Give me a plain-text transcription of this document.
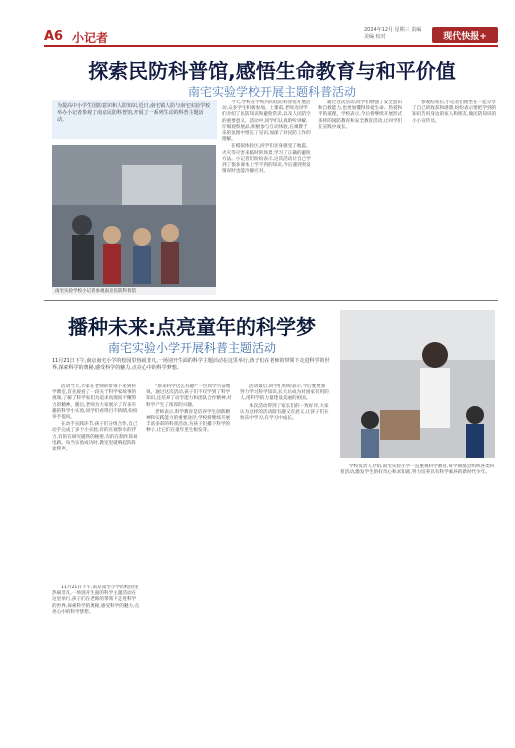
A6 小记者
2024年12月 星期三 责编 美编 校对	现代快报+
探索民防科普馆,感悟生命教育与和平价值
南宅实验学校开展主题科普活动
为提高中小学生国防意识和人防知识,近日,南宅镇人防与南宅实验学校举办小记者参观了南京民防科普馆,开展了一系列生动的科普主题活动。
南宅实验学校小记者参观南京民防科普馆

今天,学校在学校内的民防科普馆开展活动,众多学生积极参加。上课前,老师为同学们介绍了民防知识和避险常识,以及人民防空的重要意义。活动中,同学们认真聆听讲解,仔细观察展品,积极参与互动体验,在寓教于乐的氛围中增长了见识,加深了对民防工作的理解。

在模拟体验区,同学们亲身感受了地震、火灾等灾害来临时的场景,学习了正确的避险方法。小记者们纷纷表示,这次活动让自己学到了很多课本上学不到的知识,今后遇到突发情况时也能冷静应对。

通过这次活动,同学们增强了安全意识和自救能力,也更加懂得珍爱生命、热爱和平的道理。学校表示,今后将继续开展形式多样的国防教育和安全教育活动,让同学们在实践中成长。

参观结束后,小记者们围坐在一起分享了自己的收获和感想,纷纷表示要把学到的知识告诉身边的家人和朋友,做民防知识的小小宣传员。

播种未来:点亮童年的科学梦
南宅实验小学开展科普主题活动
11月21日下午,南京南宅小学的校园里热闹非凡,一场别开生面的科学主题活动在这里举行,孩子们在老师的带领下走进科学的世界,探索科学的奥秘,感受科学的魅力,点亮心中的科学梦想。

活动当天,大家在老师的带领下来到科学教室,首先观看了一段关于科学家故事的视频,了解了科学家们为追求真理而不懈努力的精神。随后,老师为大家展示了许多有趣的科学小实验,同学们看得目不转睛,纷纷举手提问。

在动手实践环节,孩子们分组合作,自己动手完成了多个小实验,有的在观察水的浮力,有的在研究磁铁的秘密,有的在制作简易电路。每当实验成功时,教室里就响起阵阵欢呼声。

“原来科学这么有趣!”一位同学兴奋地说。通过这次活动,孩子们不仅学到了科学知识,还培养了动手能力和团队合作精神,对科学产生了浓厚的兴趣。

老师表示,科学教育是培养学生创新精神和实践能力的重要途径,学校将继续开展丰富多彩的科普活动,为孩子们播下科学的种子,让它们在童年里生根发芽。

活动最后,同学们纷纷表示,今后要更加努力学习科学知识,长大后成为对国家有用的人,用科学的力量建设美丽的祖国。

本次活动得到了家长们的一致好评,大家认为这样的活动既有趣又有意义,让孩子们在快乐中学习,在学习中成长。

学校负责人介绍,南宅实验小学一直重视科学教育,每学期都会组织各类科普活动,激发学生的好奇心和求知欲,努力培养具有科学素养的新时代少年。

11月21日下午,南京南宅小学的校园里热闹非凡,一场别开生面的科学主题活动在这里举行,孩子们在老师的带领下走进科学的世界,探索科学的奥秘,感受科学的魅力,点亮心中的科学梦想。
